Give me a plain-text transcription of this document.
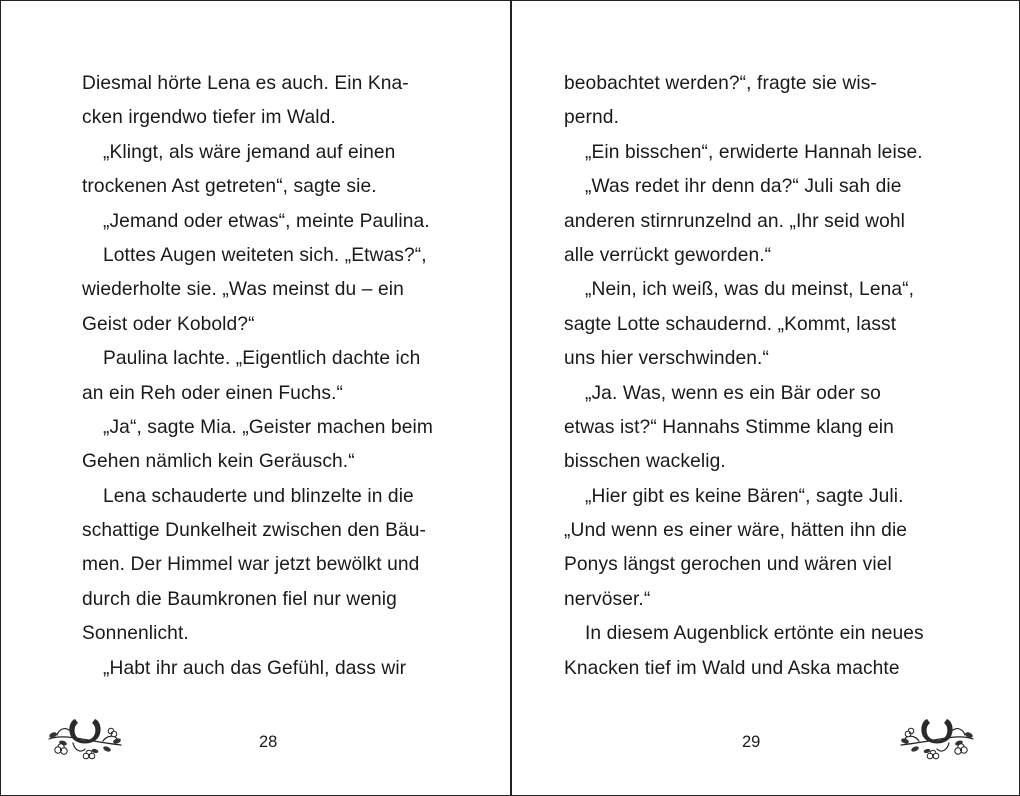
Diesmal hörte Lena es auch. Ein Kna-
cken irgendwo tiefer im Wald.
„Klingt, als wäre jemand auf einen
trockenen Ast getreten“, sagte sie.
„Jemand oder etwas“, meinte Paulina.
Lottes Augen weiteten sich. „Etwas?“,
wiederholte sie. „Was meinst du – ein
Geist oder Kobold?“
Paulina lachte. „Eigentlich dachte ich
an ein Reh oder einen Fuchs.“
„Ja“, sagte Mia. „Geister machen beim
Gehen nämlich kein Geräusch.“
Lena schauderte und blinzelte in die
schattige Dunkelheit zwischen den Bäu-
men. Der Himmel war jetzt bewölkt und
durch die Baumkronen fiel nur wenig
Sonnenlicht.
„Habt ihr auch das Gefühl, dass wir
28
beobachtet werden?“, fragte sie wis-
pernd.
„Ein bisschen“, erwiderte Hannah leise.
„Was redet ihr denn da?“ Juli sah die
anderen stirnrunzelnd an. „Ihr seid wohl
alle verrückt geworden.“
„Nein, ich weiß, was du meinst, Lena“,
sagte Lotte schaudernd. „Kommt, lasst
uns hier verschwinden.“
„Ja. Was, wenn es ein Bär oder so
etwas ist?“ Hannahs Stimme klang ein
bisschen wackelig.
„Hier gibt es keine Bären“, sagte Juli.
„Und wenn es einer wäre, hätten ihn die
Ponys längst gerochen und wären viel
nervöser.“
In diesem Augenblick ertönte ein neues
Knacken tief im Wald und Aska machte
29
